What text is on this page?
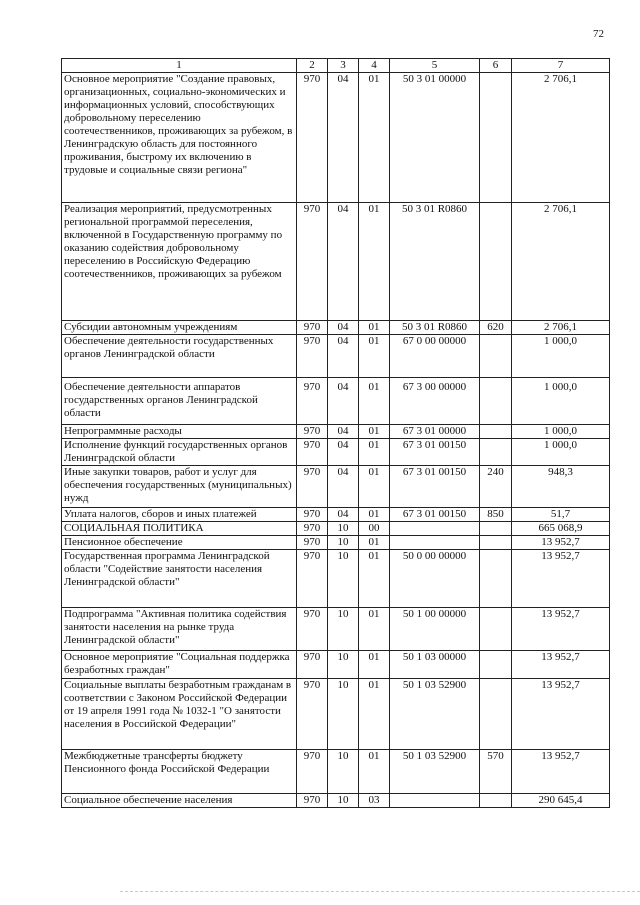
72
1	2	3	4	5	6	7
Основное мероприятие "Создание правовых, организационных, социально-экономических и информационных условий, способствующих добровольному переселению соотечественников, проживающих за рубежом, в Ленинградскую область для постоянного проживания, быстрому их включению в трудовые и социальные связи региона"	970	04	01	50 3 01 00000		2 706,1
Реализация мероприятий, предусмотренных региональной программой переселения, включенной в Государственную программу по оказанию содействия добровольному переселению в Российскую Федерацию соотечественников, проживающих за рубежом	970	04	01	50 3 01 R0860		2 706,1
Субсидии автономным учреждениям	970	04	01	50 3 01 R0860	620	2 706,1
Обеспечение деятельности государственных органов Ленинградской области	970	04	01	67 0 00 00000		1 000,0
Обеспечение деятельности аппаратов государственных органов Ленинградской области	970	04	01	67 3 00 00000		1 000,0
Непрограммные расходы	970	04	01	67 3 01 00000		1 000,0
Исполнение функций государственных органов Ленинградской области	970	04	01	67 3 01 00150		1 000,0
Иные закупки товаров, работ и услуг для обеспечения государственных (муниципальных) нужд	970	04	01	67 3 01 00150	240	948,3
Уплата налогов, сборов и иных платежей	970	04	01	67 3 01 00150	850	51,7
СОЦИАЛЬНАЯ ПОЛИТИКА	970	10	00			665 068,9
Пенсионное обеспечение	970	10	01			13 952,7
Государственная программа Ленинградской области "Содействие занятости населения Ленинградской области"	970	10	01	50 0 00 00000		13 952,7
Подпрограмма "Активная политика содействия занятости населения на рынке труда Ленинградской области"	970	10	01	50 1 00 00000		13 952,7
Основное мероприятие "Социальная поддержка безработных граждан"	970	10	01	50 1 03 00000		13 952,7
Социальные выплаты безработным гражданам в соответствии с Законом Российской Федерации от 19 апреля 1991 года № 1032-1 "О занятости населения в Российской Федерации"	970	10	01	50 1 03 52900		13 952,7
Межбюджетные трансферты бюджету Пенсионного фонда Российской Федерации	970	10	01	50 1 03 52900	570	13 952,7
Социальное обеспечение населения	970	10	03			290 645,4
